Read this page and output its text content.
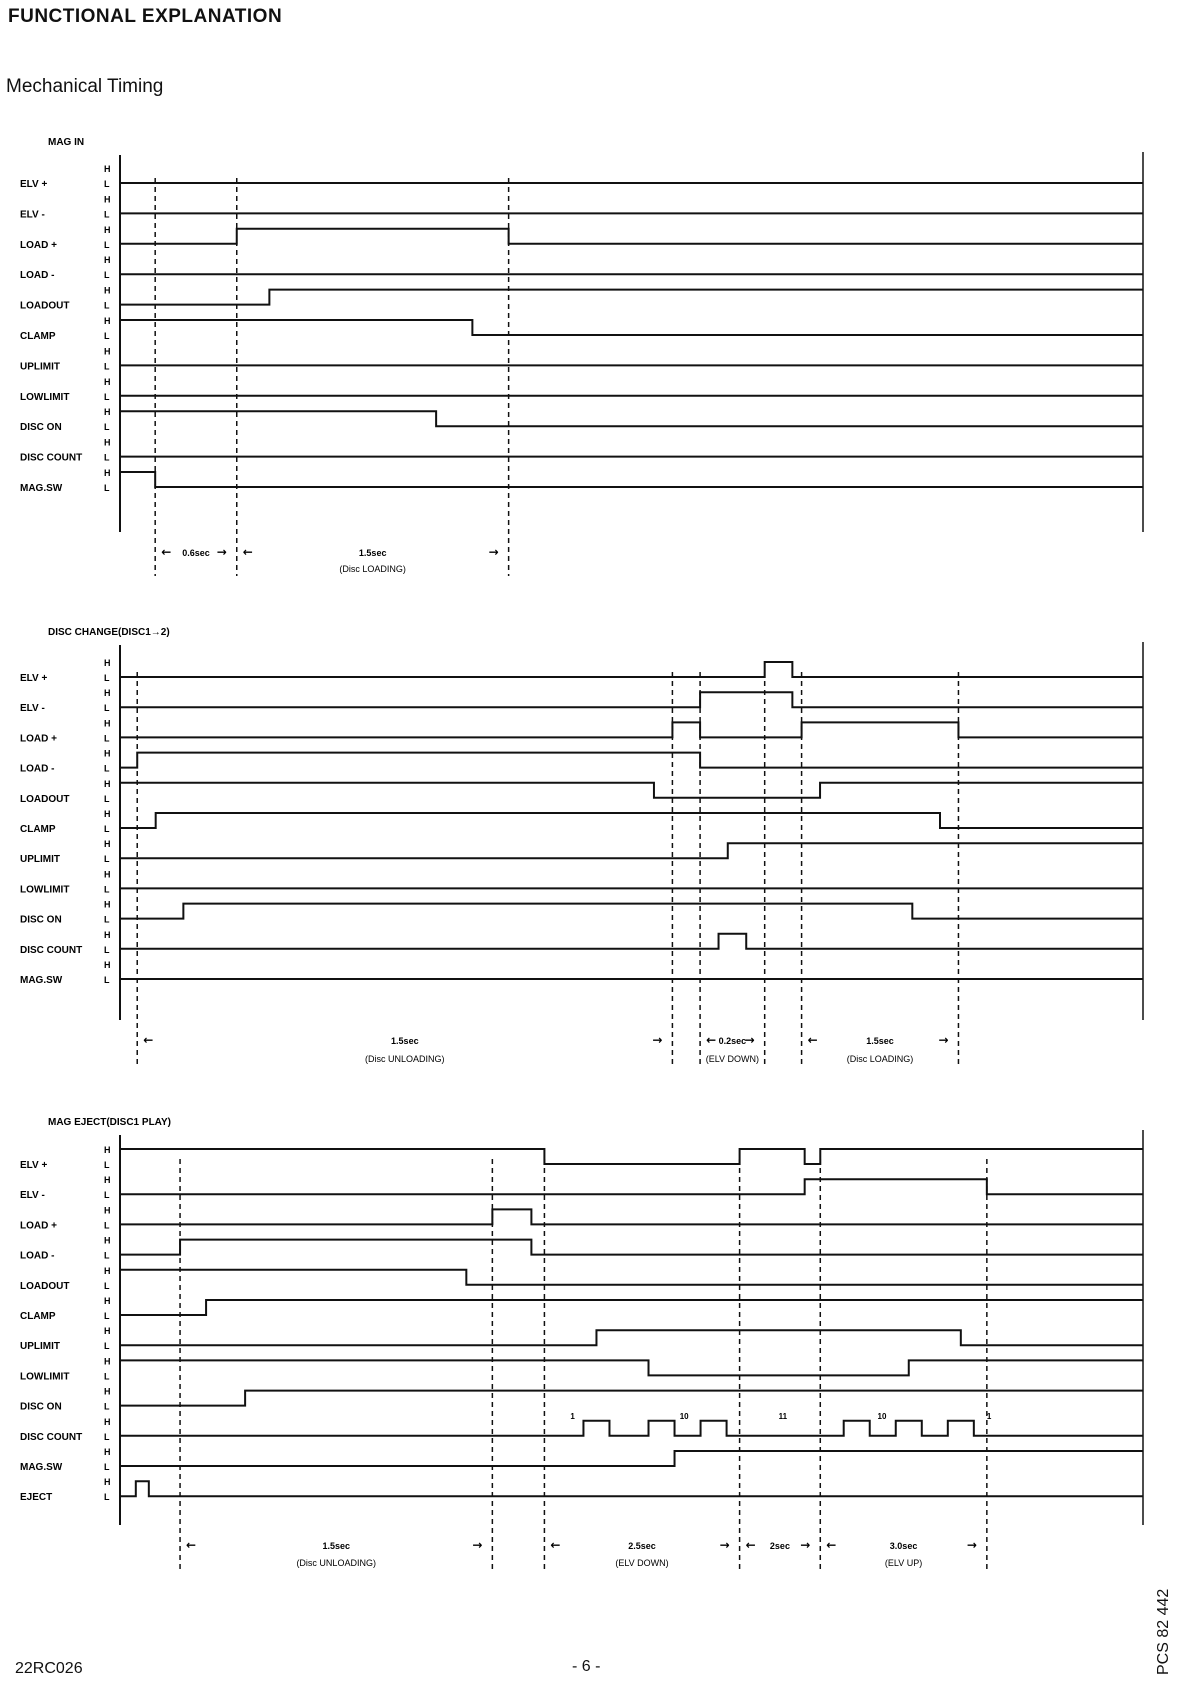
FUNCTIONAL EXPLANATION
Mechanical Timing
MAG IN
ELV +
H
L
ELV -
H
L
LOAD +
H
L
LOAD -
H
L
LOADOUT
H
L
CLAMP
H
L
UPLIMIT
H
L
LOWLIMIT
H
L
DISC ON
H
L
DISC COUNT
H
L
MAG.SW
H
L
←	→
0.6sec	←	→
1.5sec
(Disc LOADING)
DISC CHANGE(DISC1→2)
ELV +
H
L
ELV -
H
L
LOAD +
H
L
LOAD -
H
L
LOADOUT
H
L
CLAMP
H
L
UPLIMIT
H
L
LOWLIMIT
H
L
DISC ON
H
L
DISC COUNT
H
L
MAG.SW
H
L
←	→
1.5sec
(Disc UNLOADING)
← →
0.2sec
(ELV DOWN)
←	→
1.5sec
(Disc LOADING)
MAG EJECT(DISC1 PLAY)
ELV +
H
L
ELV -
H
L
LOAD +
H
L
LOAD -
H
L
LOADOUT
H
L
CLAMP
H
L
UPLIMIT
H
L
LOWLIMIT
H
L
DISC ON
H
L
DISC COUNT
H
L
MAG.SW
H
L
EJECT
H
L
←	→
1.5sec
(Disc UNLOADING)
←	→
2.5sec
(ELV DOWN)
←	→
2sec	←	→
3.0sec
(ELV UP)
1	10	11	10	1
22RC026	- 6 -	PCS 82 442
